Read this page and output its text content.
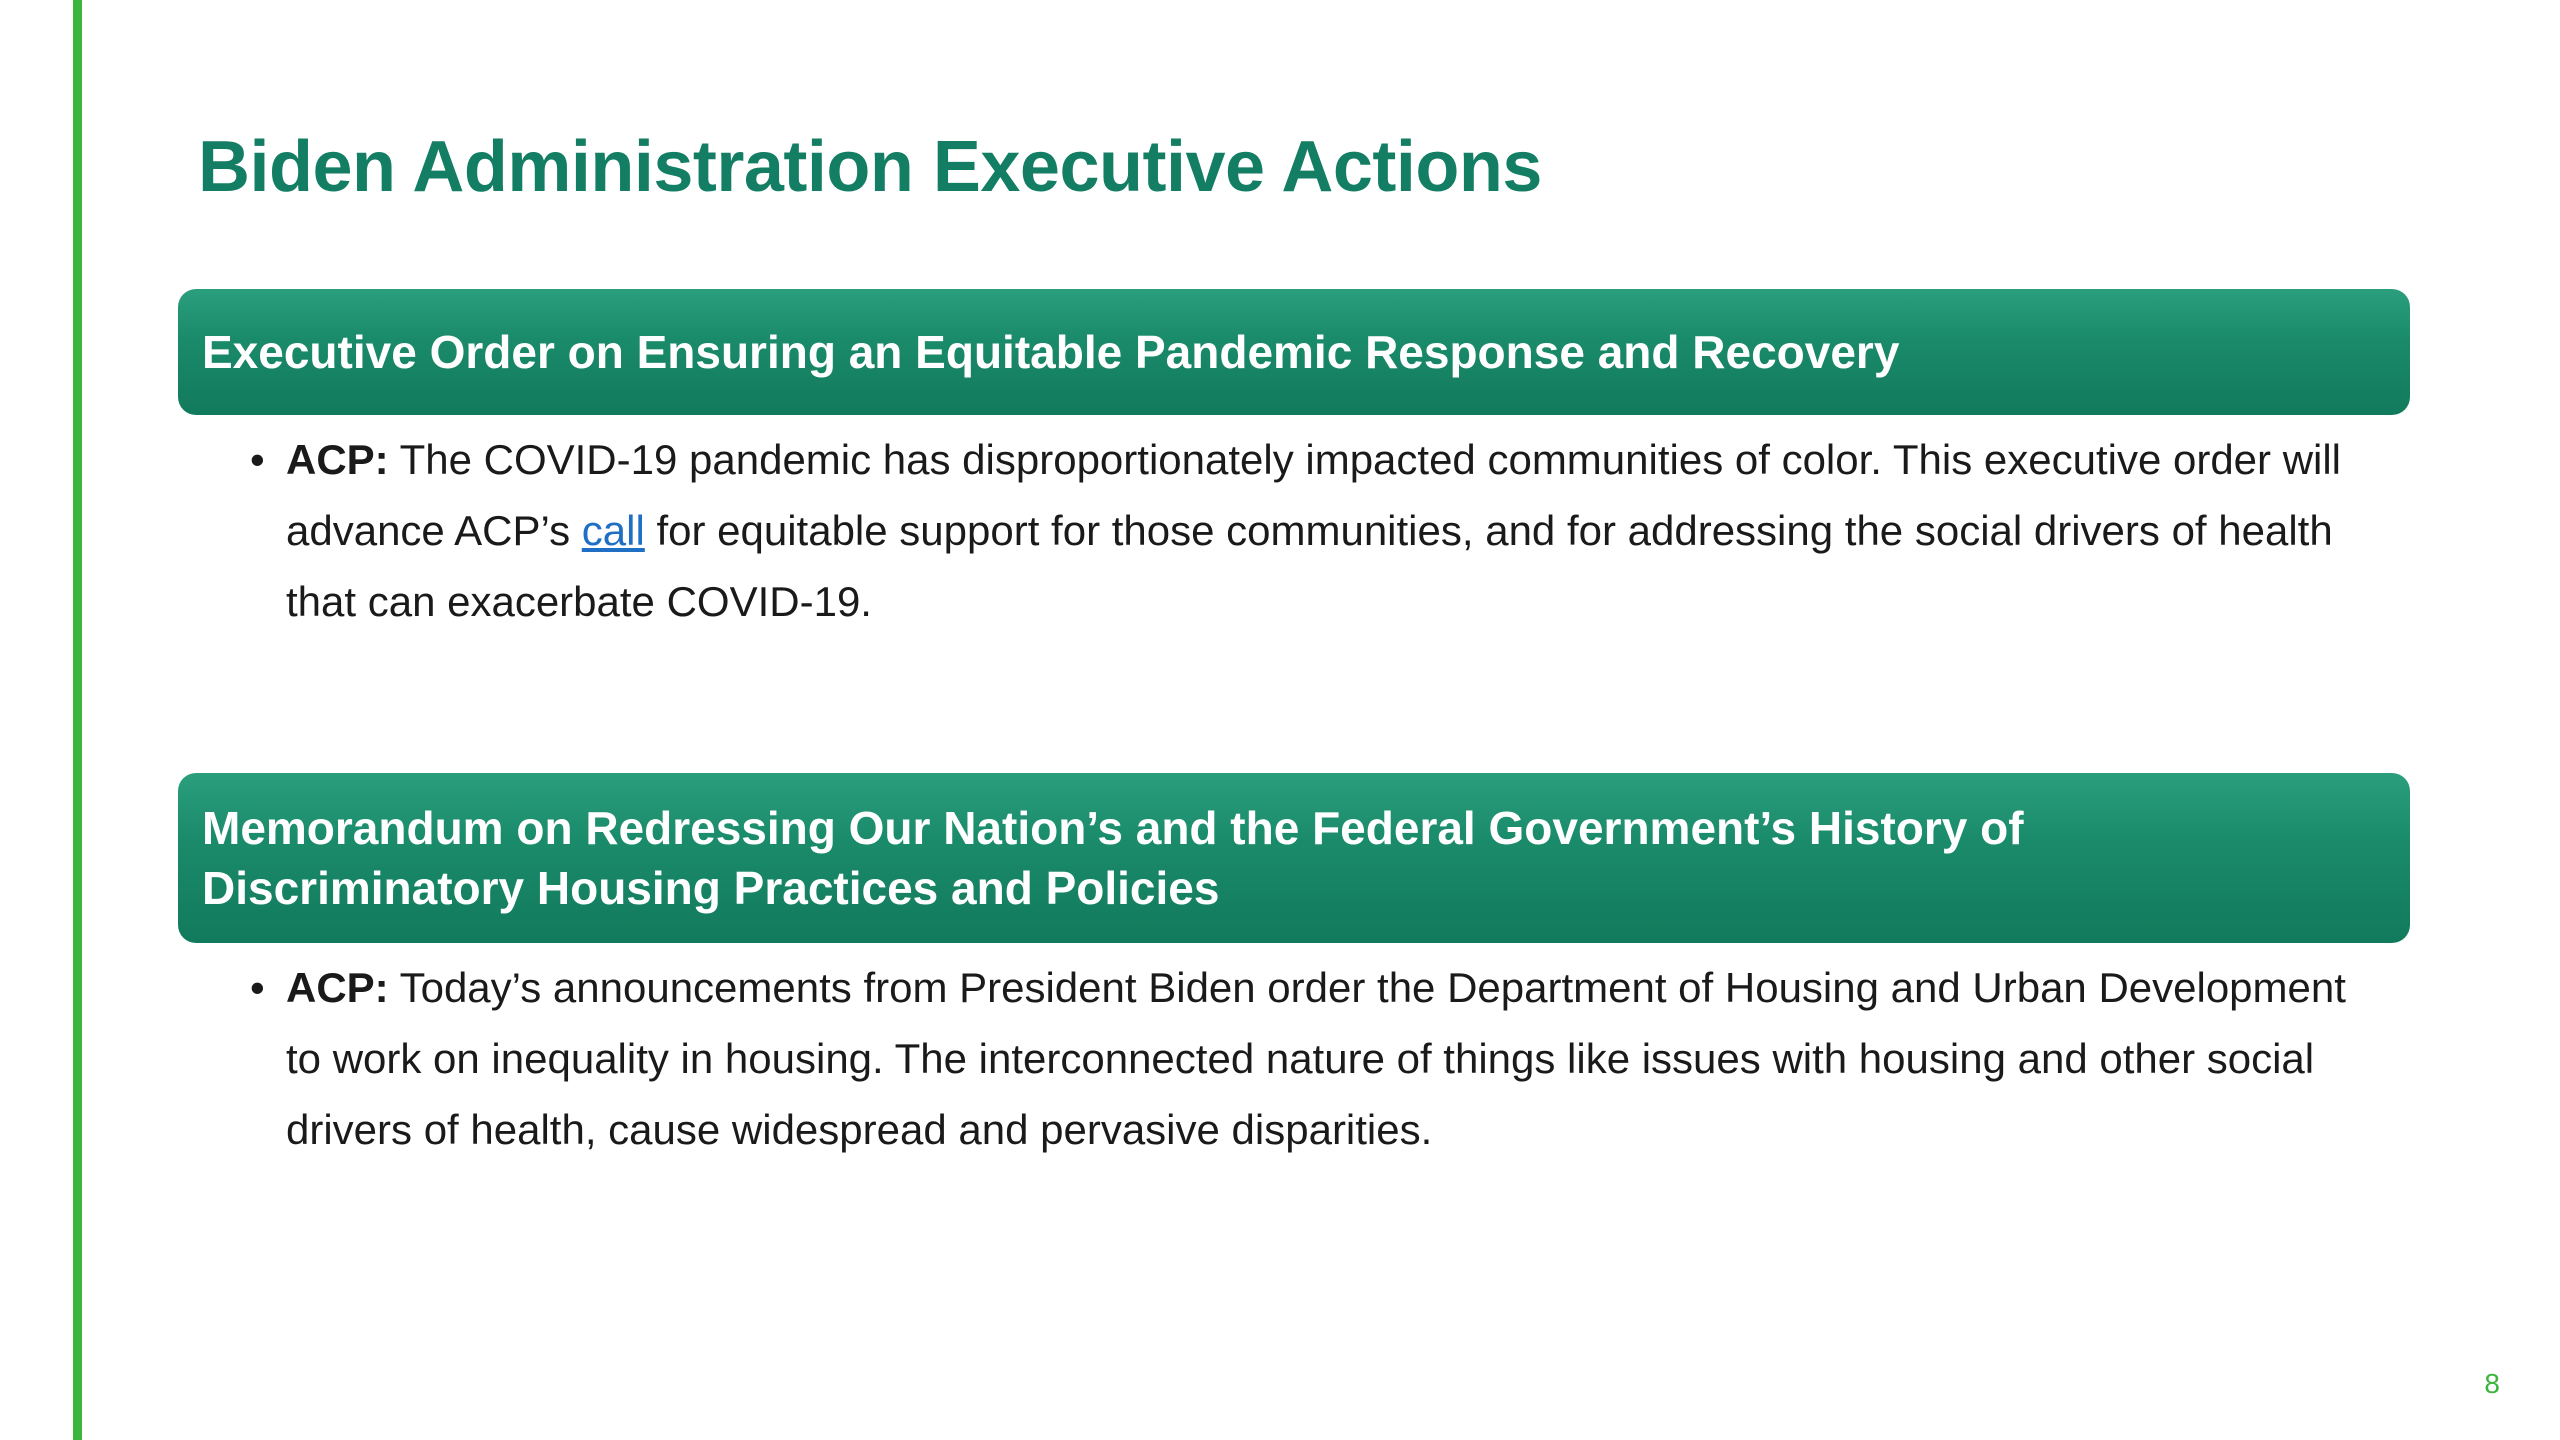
Biden Administration Executive Actions
Executive Order on Ensuring an Equitable Pandemic Response and Recovery
• ACP: The COVID-19 pandemic has disproportionately impacted communities of color. This executive order will advance ACP’s call for equitable support for those communities, and for addressing the social drivers of health that can exacerbate COVID-19.
Memorandum on Redressing Our Nation’s and the Federal Government’s History of
Discriminatory Housing Practices and Policies
• ACP: Today’s announcements from President Biden order the Department of Housing and Urban Development to work on inequality in housing. The interconnected nature of things like issues with housing and other social drivers of health, cause widespread and pervasive disparities.
8
